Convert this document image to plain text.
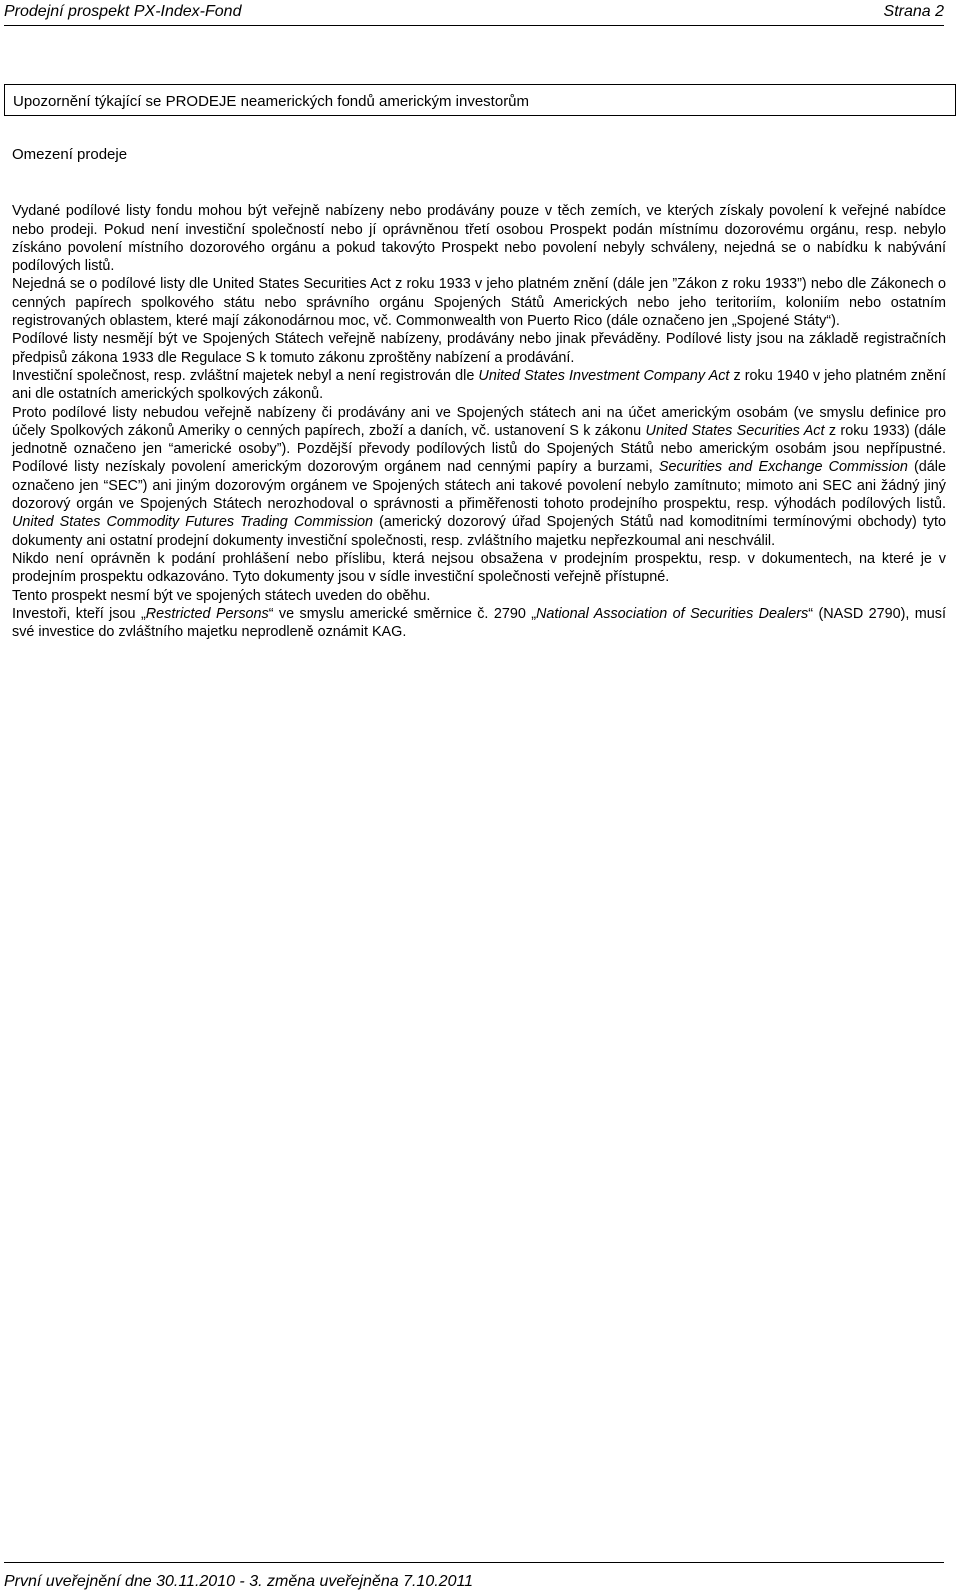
Prodejní prospekt PX-Index-Fond	Strana 2
Upozornění týkající se PRODEJE neamerických fondů americkým investorům

Omezení prodeje

Vydané podílové listy fondu mohou být veřejně nabízeny nebo prodávány pouze v těch zemích, ve kterých získaly povolení k veřejné nabídce nebo prodeji. Pokud není investiční společností nebo jí oprávněnou třetí osobou Prospekt podán místnímu dozorovému orgánu, resp. nebylo získáno povolení místního dozorového orgánu a pokud takovýto Prospekt nebo povolení nebyly schváleny, nejedná se o nabídku k nabývání podílových listů.

Nejedná se o podílové listy dle United States Securities Act z roku 1933 v jeho platném znění (dále jen ”Zákon z roku 1933”) nebo dle Zákonech o cenných papírech spolkového státu nebo správního orgánu Spojených Států Amerických nebo jeho teritoriím, koloniím nebo ostatním registrovaných oblastem, které mají zákonodárnou moc, vč. Commonwealth von Puerto Rico (dále označeno jen „Spojené Státy“).

Podílové listy nesmějí být ve Spojených Státech veřejně nabízeny, prodávány nebo jinak převáděny. Podílové listy jsou na základě registračních předpisů zákona 1933 dle Regulace S k tomuto zákonu zproštěny nabízení a prodávání.

Investiční společnost, resp. zvláštní majetek nebyl a není registrován dle United States Investment Company Act z roku 1940 v jeho platném znění ani dle ostatních amerických spolkových zákonů.

Proto podílové listy nebudou veřejně nabízeny či prodávány ani ve Spojených státech ani na účet americkým osobám (ve smyslu definice pro účely Spolkových zákonů Ameriky o cenných papírech, zboží a daních, vč. ustanovení S k zákonu United States Securities Act z roku 1933) (dále jednotně označeno jen “americké osoby”). Pozdější převody podílových listů do Spojených Států nebo americkým osobám jsou nepřípustné. Podílové listy nezískaly povolení americkým dozorovým orgánem nad cennými papíry a burzami, Securities and Exchange Commission (dále označeno jen “SEC”) ani jiným dozorovým orgánem ve Spojených státech ani takové povolení nebylo zamítnuto; mimoto ani SEC ani žádný jiný dozorový orgán ve Spojených Státech nerozhodoval o správnosti a přiměřenosti tohoto prodejního prospektu, resp. výhodách podílových listů. United States Commodity Futures Trading Commission (americký dozorový úřad Spojených Států nad komoditními termínovými obchody) tyto dokumenty ani ostatní prodejní dokumenty investiční společnosti, resp. zvláštního majetku nepřezkoumal ani neschválil.

Nikdo není oprávněn k podání prohlášení nebo příslibu, která nejsou obsažena v prodejním prospektu, resp. v dokumentech, na které je v prodejním prospektu odkazováno. Tyto dokumenty jsou v sídle investiční společnosti veřejně přístupné.

Tento prospekt nesmí být ve spojených státech uveden do oběhu.

Investoři, kteří jsou „Restricted Persons“ ve smyslu americké směrnice č. 2790 „National Association of Securities Dealers“ (NASD 2790), musí své investice do zvláštního majetku neprodleně oznámit KAG.

První uveřejnění dne 30.11.2010 - 3. změna uveřejněna 7.10.2011
